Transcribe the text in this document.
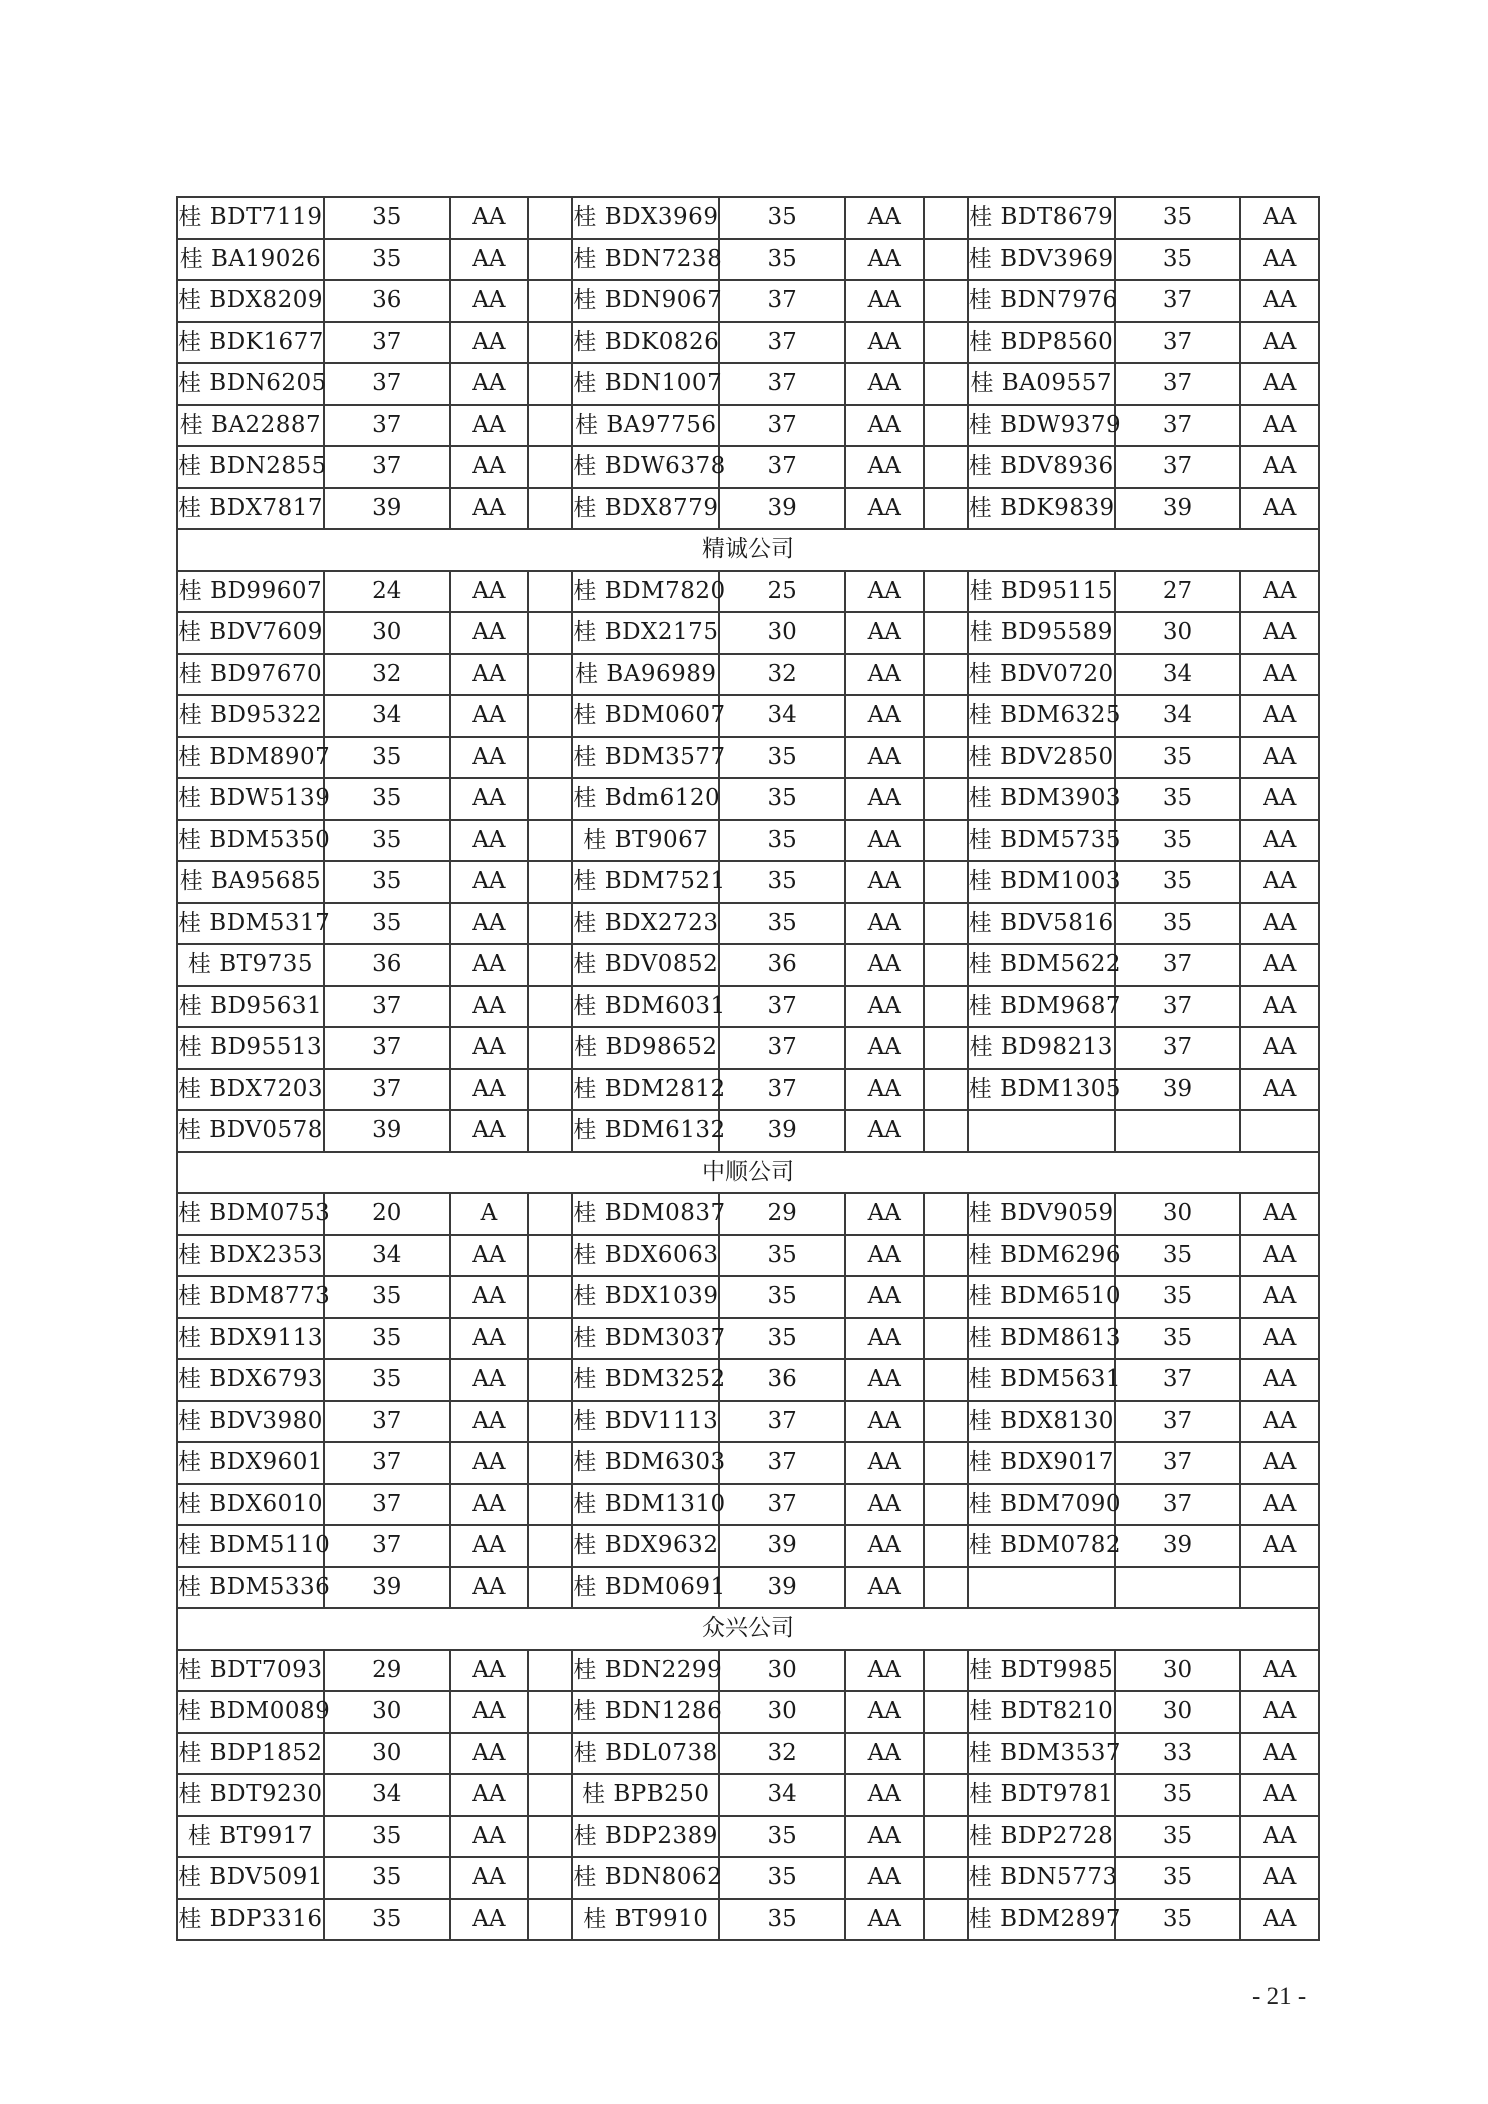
桂 BDT7119	35	AA		桂 BDX3969	35	AA		桂 BDT8679	35	AA
桂 BA19026	35	AA		桂 BDN7238	35	AA		桂 BDV3969	35	AA
桂 BDX8209	36	AA		桂 BDN9067	37	AA		桂 BDN7976	37	AA
桂 BDK1677	37	AA		桂 BDK0826	37	AA		桂 BDP8560	37	AA
桂 BDN6205	37	AA		桂 BDN1007	37	AA		桂 BA09557	37	AA
桂 BA22887	37	AA		桂 BA97756	37	AA		桂 BDW9379	37	AA
桂 BDN2855	37	AA		桂 BDW6378	37	AA		桂 BDV8936	37	AA
桂 BDX7817	39	AA		桂 BDX8779	39	AA		桂 BDK9839	39	AA
精诚公司										
桂 BD99607	24	AA		桂 BDM7820	25	AA		桂 BD95115	27	AA
桂 BDV7609	30	AA		桂 BDX2175	30	AA		桂 BD95589	30	AA
桂 BD97670	32	AA		桂 BA96989	32	AA		桂 BDV0720	34	AA
桂 BD95322	34	AA		桂 BDM0607	34	AA		桂 BDM6325	34	AA
桂 BDM8907	35	AA		桂 BDM3577	35	AA		桂 BDV2850	35	AA
桂 BDW5139	35	AA		桂 Bdm6120	35	AA		桂 BDM3903	35	AA
桂 BDM5350	35	AA		桂 BT9067	35	AA		桂 BDM5735	35	AA
桂 BA95685	35	AA		桂 BDM7521	35	AA		桂 BDM1003	35	AA
桂 BDM5317	35	AA		桂 BDX2723	35	AA		桂 BDV5816	35	AA
桂 BT9735	36	AA		桂 BDV0852	36	AA		桂 BDM5622	37	AA
桂 BD95631	37	AA		桂 BDM6031	37	AA		桂 BDM9687	37	AA
桂 BD95513	37	AA		桂 BD98652	37	AA		桂 BD98213	37	AA
桂 BDX7203	37	AA		桂 BDM2812	37	AA		桂 BDM1305	39	AA
桂 BDV0578	39	AA		桂 BDM6132	39	AA				
中顺公司										
桂 BDM0753	20	A		桂 BDM0837	29	AA		桂 BDV9059	30	AA
桂 BDX2353	34	AA		桂 BDX6063	35	AA		桂 BDM6296	35	AA
桂 BDM8773	35	AA		桂 BDX1039	35	AA		桂 BDM6510	35	AA
桂 BDX9113	35	AA		桂 BDM3037	35	AA		桂 BDM8613	35	AA
桂 BDX6793	35	AA		桂 BDM3252	36	AA		桂 BDM5631	37	AA
桂 BDV3980	37	AA		桂 BDV1113	37	AA		桂 BDX8130	37	AA
桂 BDX9601	37	AA		桂 BDM6303	37	AA		桂 BDX9017	37	AA
桂 BDX6010	37	AA		桂 BDM1310	37	AA		桂 BDM7090	37	AA
桂 BDM5110	37	AA		桂 BDX9632	39	AA		桂 BDM0782	39	AA
桂 BDM5336	39	AA		桂 BDM0691	39	AA				
众兴公司										
桂 BDT7093	29	AA		桂 BDN2299	30	AA		桂 BDT9985	30	AA
桂 BDM0089	30	AA		桂 BDN1286	30	AA		桂 BDT8210	30	AA
桂 BDP1852	30	AA		桂 BDL0738	32	AA		桂 BDM3537	33	AA
桂 BDT9230	34	AA		桂 BPB250	34	AA		桂 BDT9781	35	AA
桂 BT9917	35	AA		桂 BDP2389	35	AA		桂 BDP2728	35	AA
桂 BDV5091	35	AA		桂 BDN8062	35	AA		桂 BDN5773	35	AA
桂 BDP3316	35	AA		桂 BT9910	35	AA		桂 BDM2897	35	AA
- 21 -
